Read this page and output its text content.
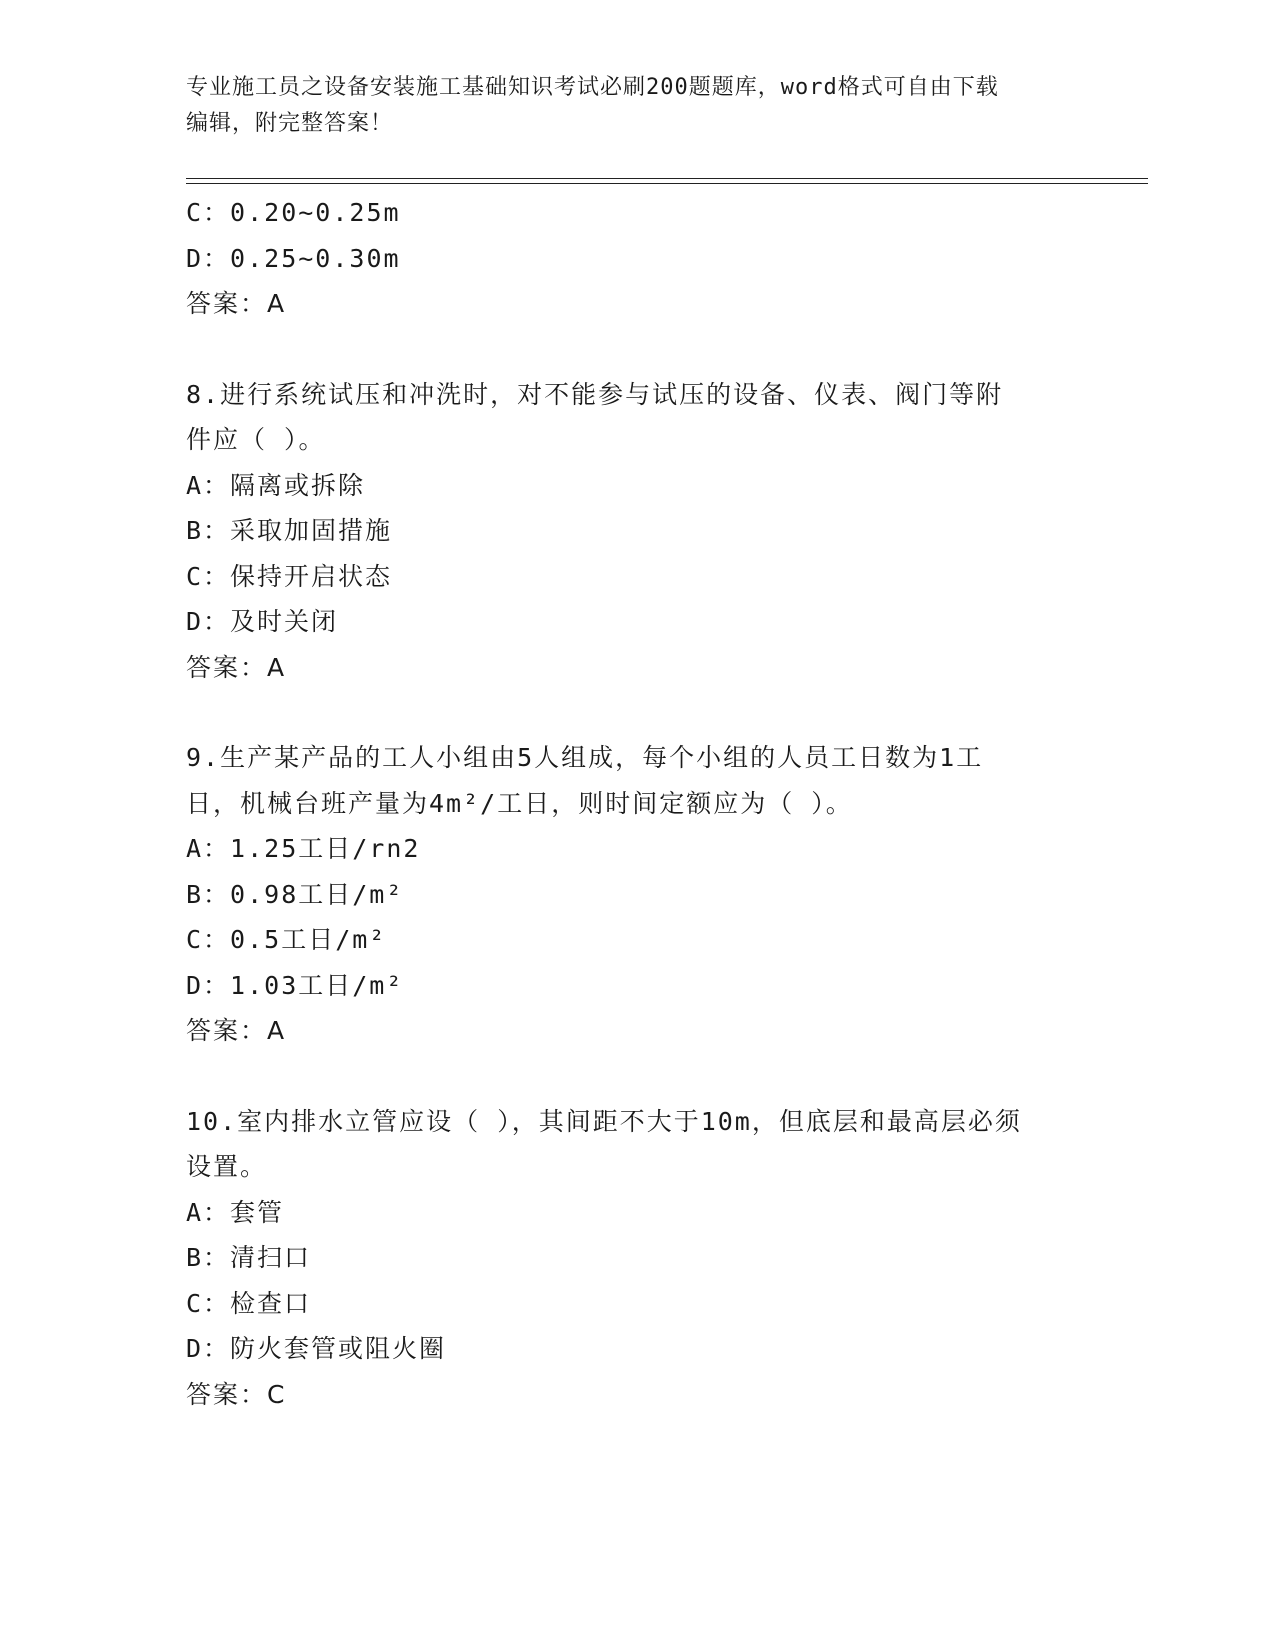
专业施工员之设备安装施工基础知识考试必刷200题题库，word格式可自由下载
编辑，附完整答案！
C：0.20~0.25m
D：0.25~0.30m
答案：A
8.进行系统试压和冲洗时，对不能参与试压的设备、仪表、阀门等附
件应（ ）。
A：隔离或拆除
B：采取加固措施
C：保持开启状态
D：及时关闭
答案：A
9.生产某产品的工人小组由5人组成，每个小组的人员工日数为1工
日，机械台班产量为4m²/工日，则时间定额应为（ ）。
A：1.25工日/rn2
B：0.98工日/m²
C：0.5工日/m²
D：1.03工日/m²
答案：A
10.室内排水立管应设（ ），其间距不大于10m，但底层和最高层必须
设置。
A：套管
B：清扫口
C：检查口
D：防火套管或阻火圈
答案：C
